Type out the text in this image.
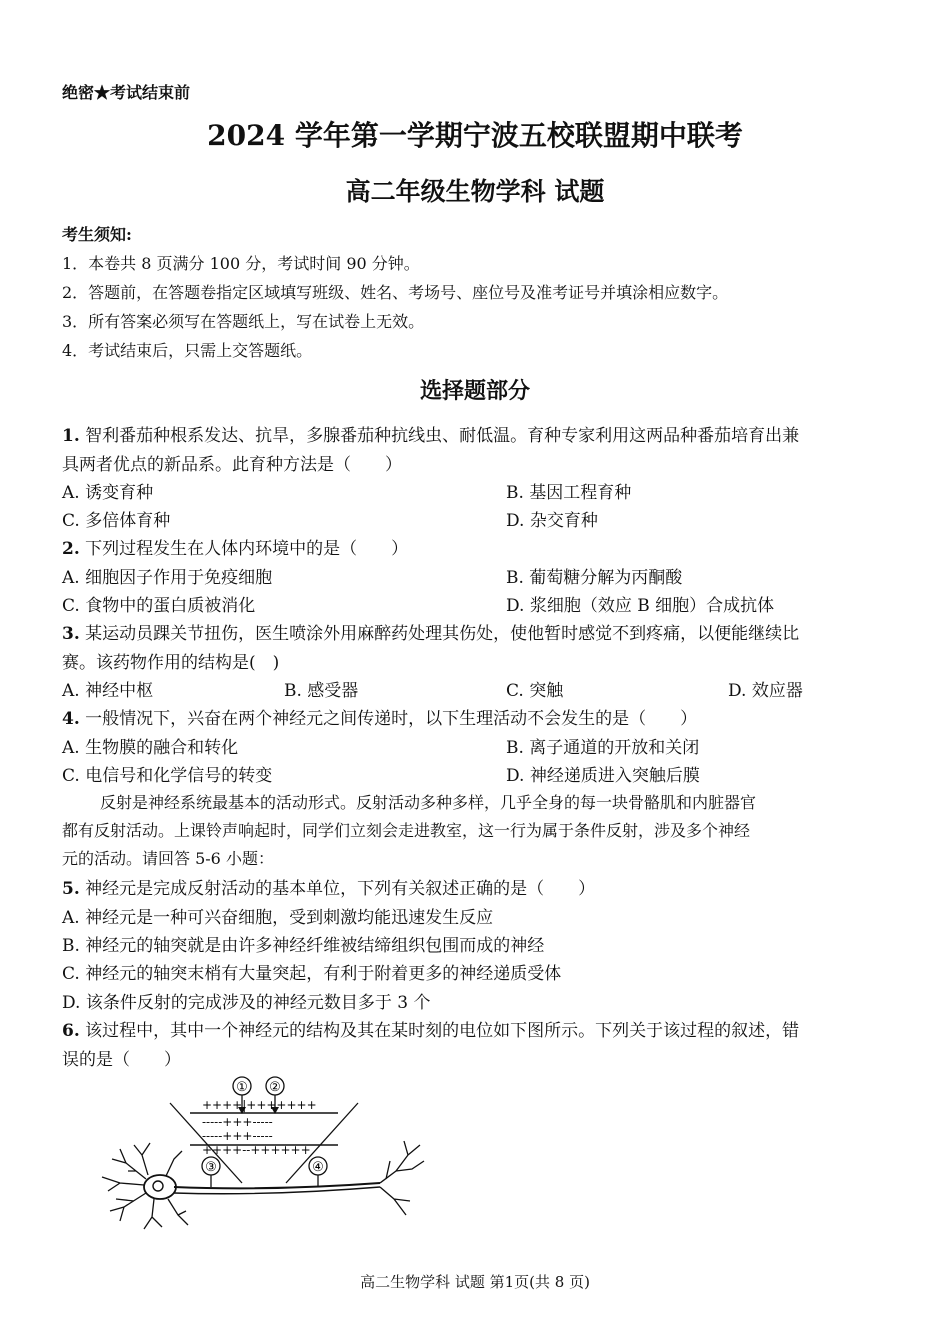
绝密★考试结束前
2024 学年第一学期宁波五校联盟期中联考
高二年级生物学科 试题
考生须知:
1．本卷共 8 页满分 100 分，考试时间 90 分钟。
2．答题前，在答题卷指定区域填写班级、姓名、考场号、座位号及准考证号并填涂相应数字。
3．所有答案必须写在答题纸上，写在试卷上无效。
4．考试结束后，只需上交答题纸。
选择题部分
1. 智利番茄种根系发达、抗旱，多腺番茄种抗线虫、耐低温。育种专家利用这两品种番茄培育出兼
具两者优点的新品系。此育种方法是（　　）
A. 诱变育种	B. 基因工程育种
C. 多倍体育种	D. 杂交育种
2. 下列过程发生在人体内环境中的是（　　）
A. 细胞因子作用于免疫细胞	B. 葡萄糖分解为丙酮酸
C. 食物中的蛋白质被消化	D. 浆细胞（效应 B 细胞）合成抗体
3. 某运动员踝关节扭伤，医生喷涂外用麻醉药处理其伤处，使他暂时感觉不到疼痛，以便能继续比
赛。该药物作用的结构是(　)
A. 神经中枢	B. 感受器	C. 突触	D. 效应器
4. 一般情况下，兴奋在两个神经元之间传递时，以下生理活动不会发生的是（　　）
A. 生物膜的融合和转化	B. 离子通道的开放和关闭
C. 电信号和化学信号的转变	D. 神经递质进入突触后膜
反射是神经系统最基本的活动形式。反射活动多种多样，几乎全身的每一块骨骼肌和内脏器官
都有反射活动。上课铃声响起时，同学们立刻会走进教室，这一行为属于条件反射，涉及多个神经
元的活动。请回答 5-6 小题：
5. 神经元是完成反射活动的基本单位，下列有关叙述正确的是（　　）
A. 神经元是一种可兴奋细胞，受到刺激均能迅速发生反应
B. 神经元的轴突就是由许多神经纤维被结缔组织包围而成的神经
C. 神经元的轴突末梢有大量突起，有利于附着更多的神经递质受体
D. 该条件反射的完成涉及的神经元数目多于 3 个
6. 该过程中，其中一个神经元的结构及其在某时刻的电位如下图所示。下列关于该过程的叙述，错
误的是（　　）
① ②
++++|+++++++
-----+++-----
-----+++-----
++++--++++++
③	④
高二生物学科 试题 第1页(共 8 页)
